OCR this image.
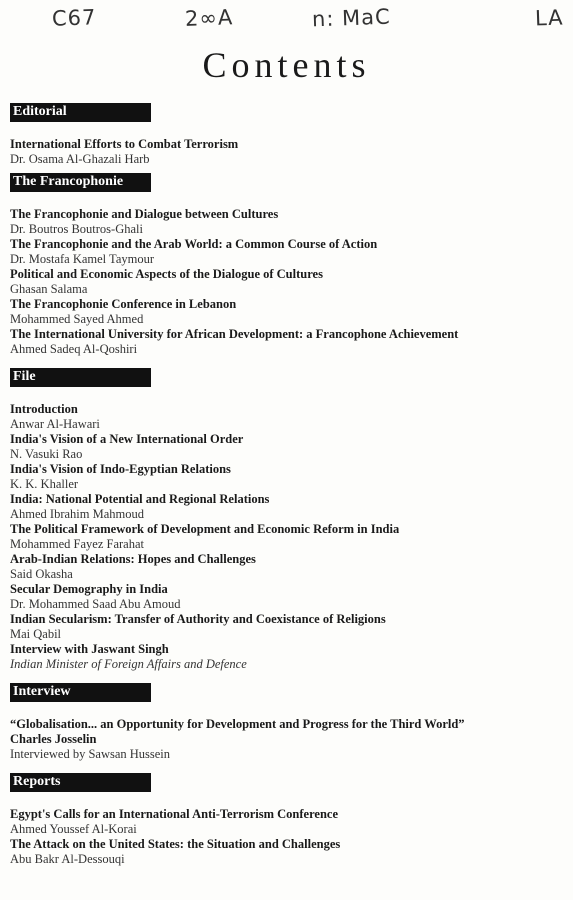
C67	2∞A	n: MaC	LA
Contents
Editorial
International Efforts to Combat Terrorism
Dr. Osama Al-Ghazali Harb
The Francophonie
The Francophonie and Dialogue between Cultures
Dr. Boutros Boutros-Ghali
The Francophonie and the Arab World: a Common Course of Action
Dr. Mostafa Kamel Taymour
Political and Economic Aspects of the Dialogue of Cultures
Ghasan Salama
The Francophonie Conference in Lebanon
Mohammed Sayed Ahmed
The International University for African Development: a Francophone Achievement
Ahmed Sadeq Al-Qoshiri
File
Introduction
Anwar Al-Hawari
India's Vision of a New International Order
N. Vasuki Rao
India's Vision of Indo-Egyptian Relations
K. K. Khaller
India: National Potential and Regional Relations
Ahmed Ibrahim Mahmoud
The Political Framework of Development and Economic Reform in India
Mohammed Fayez Farahat
Arab-Indian Relations: Hopes and Challenges
Said Okasha
Secular Demography in India
Dr. Mohammed Saad Abu Amoud
Indian Secularism: Transfer of Authority and Coexistance of Religions
Mai Qabil
Interview with Jaswant Singh
Indian Minister of Foreign Affairs and Defence
Interview
“Globalisation... an Opportunity for Development and Progress for the Third World”
Charles Josselin
Interviewed by Sawsan Hussein
Reports
Egypt's Calls for an International Anti-Terrorism Conference
Ahmed Youssef Al-Korai
The Attack on the United States: the Situation and Challenges
Abu Bakr Al-Dessouqi
